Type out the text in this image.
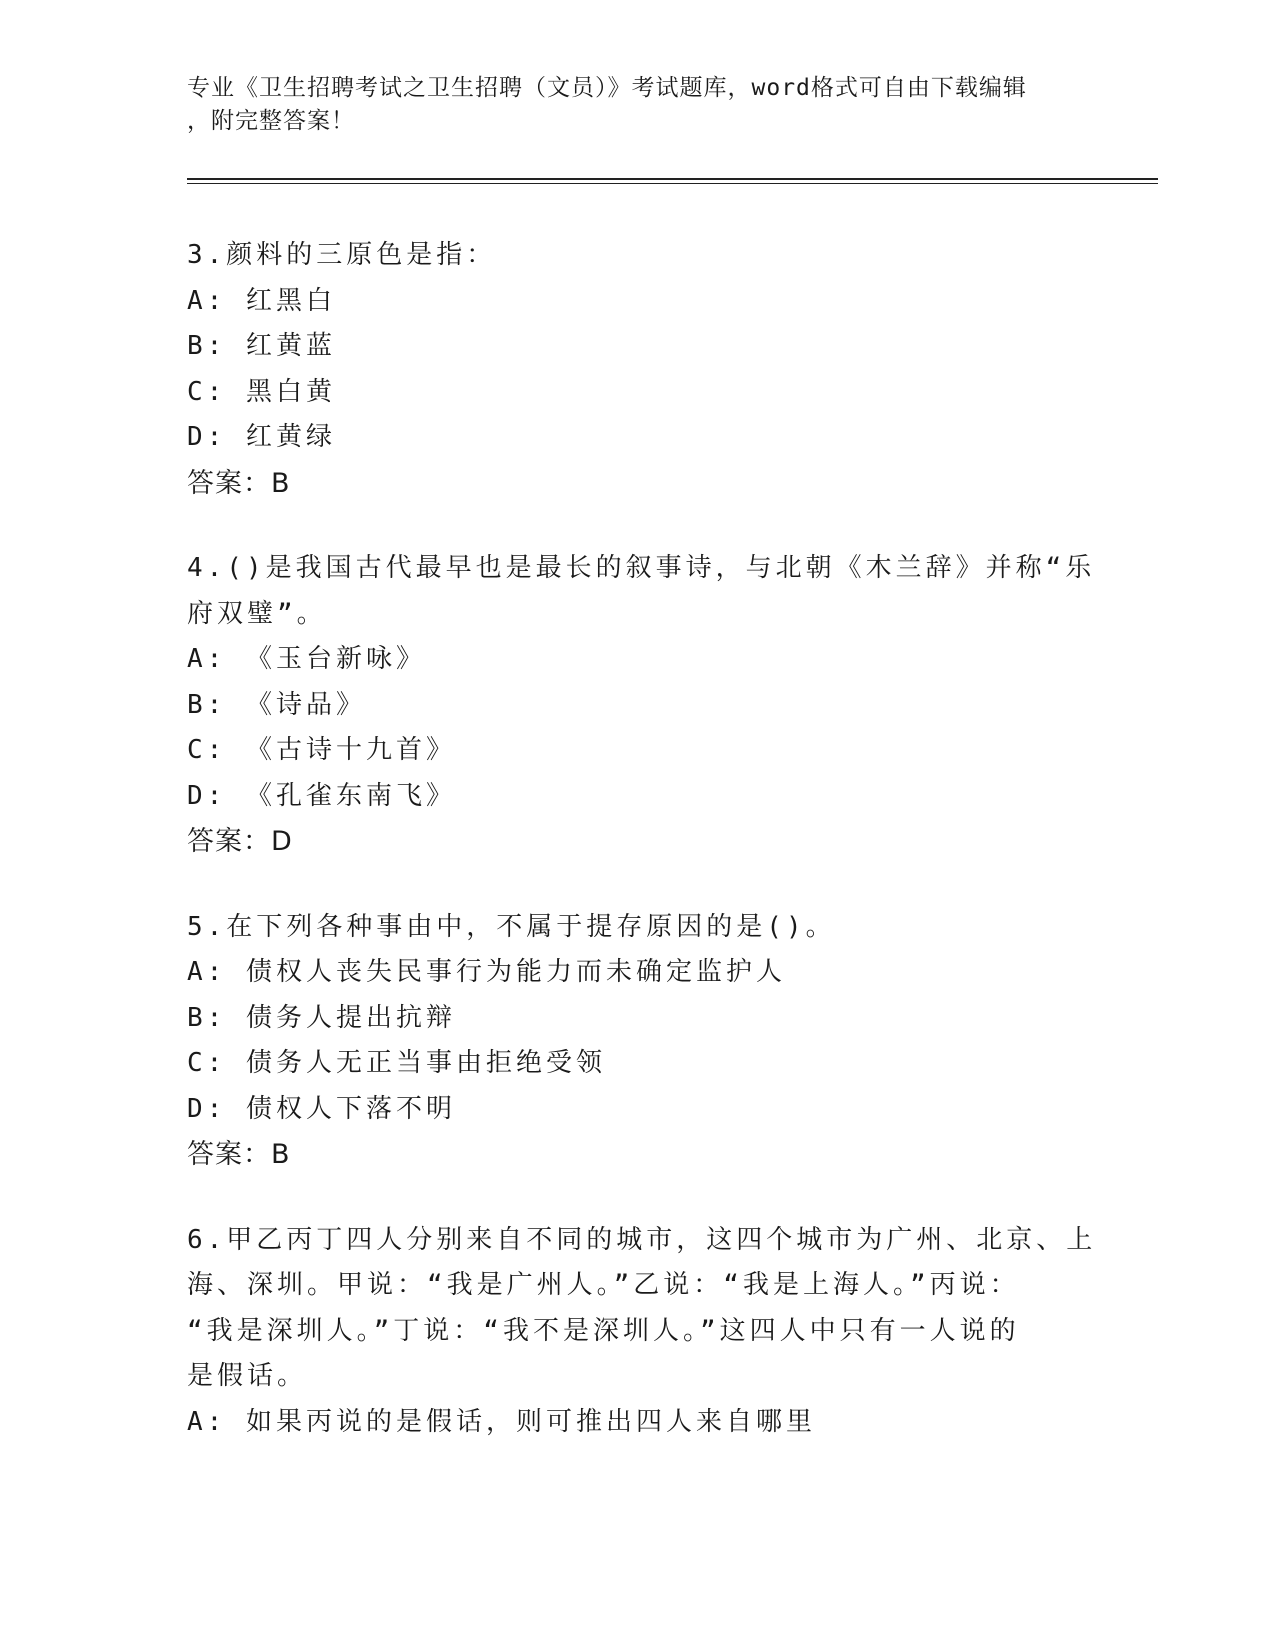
专业《卫生招聘考试之卫生招聘（文员）》考试题库，word格式可自由下载编辑
，附完整答案！
3.颜料的三原色是指：
A: 红黑白
B: 红黄蓝
C: 黑白黄
D: 红黄绿
答案：B
4.()是我国古代最早也是最长的叙事诗，与北朝《木兰辞》并称“乐
府双璧”。
A: 《玉台新咏》
B: 《诗品》
C: 《古诗十九首》
D: 《孔雀东南飞》
答案：D
5.在下列各种事由中，不属于提存原因的是()。
A: 债权人丧失民事行为能力而未确定监护人
B: 债务人提出抗辩
C: 债务人无正当事由拒绝受领
D: 债权人下落不明
答案：B
6.甲乙丙丁四人分别来自不同的城市，这四个城市为广州、北京、上
海、深圳。甲说：“我是广州人。”乙说：“我是上海人。”丙说：
“我是深圳人。”丁说：“我不是深圳人。”这四人中只有一人说的
是假话。
A: 如果丙说的是假话，则可推出四人来自哪里
